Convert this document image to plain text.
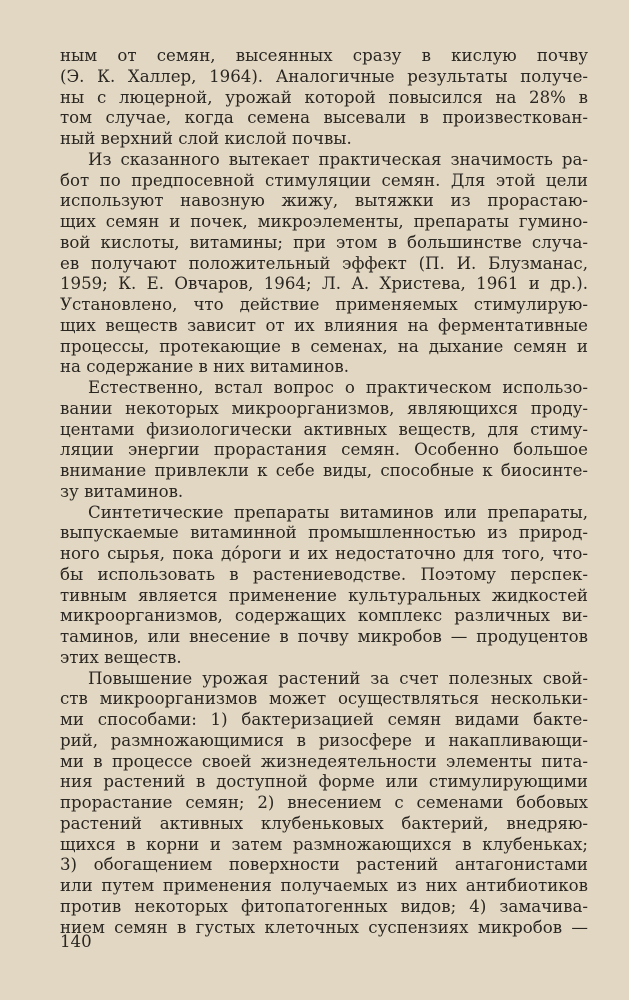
ным от семян, высеянных сразу в кислую почву
(Э. К. Халлер, 1964). Аналогичные результаты получе-
ны с люцерной, урожай которой повысился на 28% в
том случае, когда семена высевали в произвесткован-
ный верхний слой кислой почвы.
Из сказанного вытекает практическая значимость ра-
бот по предпосевной стимуляции семян. Для этой цели
используют навозную жижу, вытяжки из прорастаю-
щих семян и почек, микроэлементы, препараты гумино-
вой кислоты, витамины; при этом в большинстве случа-
ев получают положительный эффект (П. И. Блузманас,
1959; К. Е. Овчаров, 1964; Л. А. Христева, 1961 и др.).
Установлено, что действие применяемых стимулирую-
щих веществ зависит от их влияния на ферментативные
процессы, протекающие в семенах, на дыхание семян и
на содержание в них витаминов.
Естественно, встал вопрос о практическом использо-
вании некоторых микроорганизмов, являющихся проду-
центами физиологически активных веществ, для стиму-
ляции энергии прорастания семян. Особенно большое
внимание привлекли к себе виды, способные к биосинте-
зу витаминов.
Синтетические препараты витаминов или препараты,
выпускаемые витаминной промышленностью из природ-
ного сырья, пока до́роги и их недостаточно для того, что-
бы использовать в растениеводстве. Поэтому перспек-
тивным является применение культуральных жидкостей
микроорганизмов, содержащих комплекс различных ви-
таминов, или внесение в почву микробов — продуцентов
этих веществ.
Повышение урожая растений за счет полезных свой-
ств микроорганизмов может осуществляться нескольки-
ми способами: 1) бактеризацией семян видами бакте-
рий, размножающимися в ризосфере и накапливающи-
ми в процессе своей жизнедеятельности элементы пита-
ния растений в доступной форме или стимулирующими
прорастание семян; 2) внесением с семенами бобовых
растений активных клубеньковых бактерий, внедряю-
щихся в корни и затем размножающихся в клубеньках;
3) обогащением поверхности растений антагонистами
или путем применения получаемых из них антибиотиков
против некоторых фитопатогенных видов; 4) замачива-
нием семян в густых клеточных суспензиях микробов —
140
